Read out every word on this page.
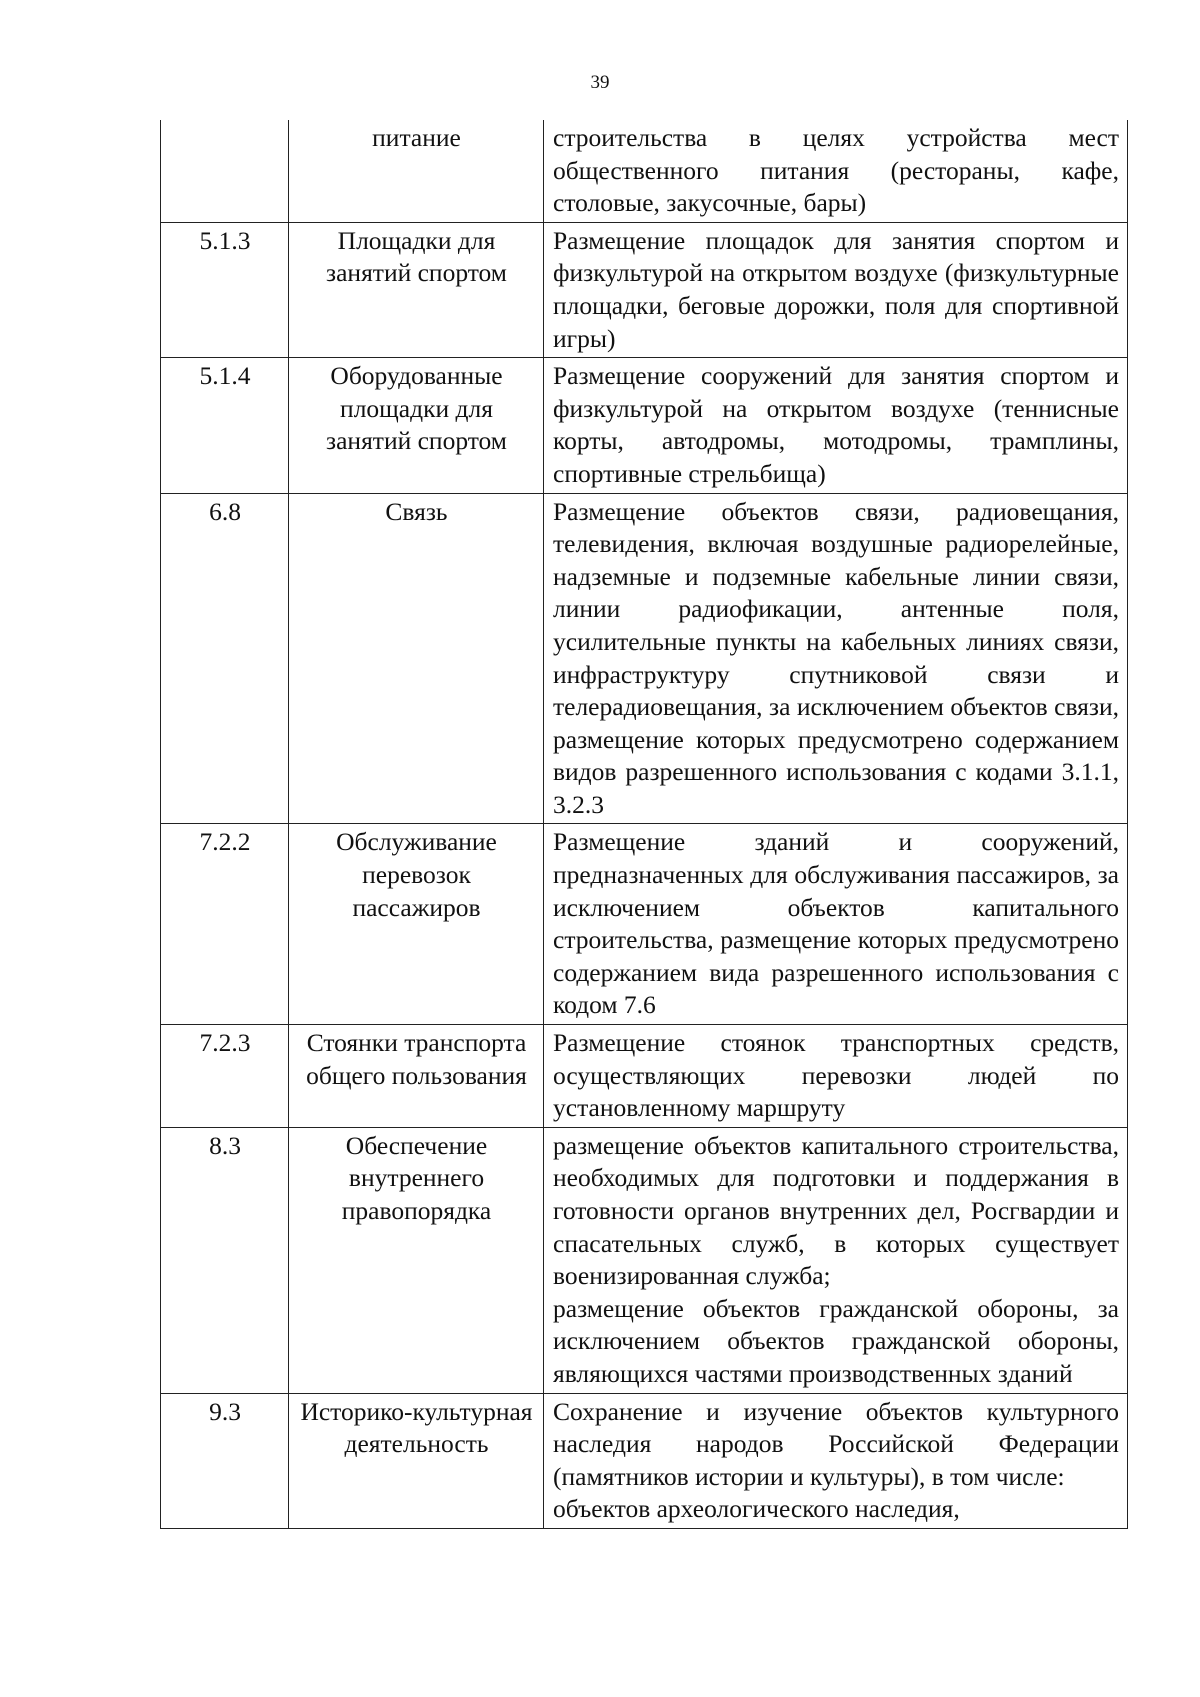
39
	питание	строительства в целях устройства мест общественного питания (рестораны, кафе, столовые, закусочные, бары)

5.1.3	Площадки для занятий спортом	Размещение площадок для занятия спортом и физкультурой на открытом воздухе (физкультурные площадки, беговые дорожки, поля для спортивной игры)

5.1.4	Оборудованные площадки для занятий спортом	Размещение сооружений для занятия спортом и физкультурой на открытом воздухе (теннисные корты, автодромы, мотодромы, трамплины, спортивные стрельбища)

6.8	Связь	Размещение объектов связи, радиовещания, телевидения, включая воздушные радиорелейные, надземные и подземные кабельные линии связи, линии радиофикации, антенные поля, усилительные пункты на кабельных линиях связи, инфраструктуру спутниковой связи и телерадиовещания, за исключением объектов связи, размещение которых предусмотрено содержанием видов разрешенного использования с кодами 3.1.1, 3.2.3

7.2.2	Обслуживание перевозок пассажиров	Размещение зданий и сооружений, предназначенных для обслуживания пассажиров, за исключением объектов капитального строительства, размещение которых предусмотрено содержанием вида разрешенного использования с кодом 7.6

7.2.3	Стоянки транспорта общего пользования	Размещение стоянок транспортных средств, осуществляющих перевозки людей по установленному маршруту

8.3	Обеспечение внутреннего правопорядка	размещение объектов капитального строительства, необходимых для подготовки и поддержания в готовности органов внутренних дел, Росгвардии и спасательных служб, в которых существует военизированная служба;

размещение объектов гражданской обороны, за исключением объектов гражданской обороны, являющихся частями производственных зданий

9.3	Историко-культурная деятельность	Сохранение и изучение объектов культурного наследия народов Российской Федерации (памятников истории и культуры), в том числе:

объектов археологического наследия,
